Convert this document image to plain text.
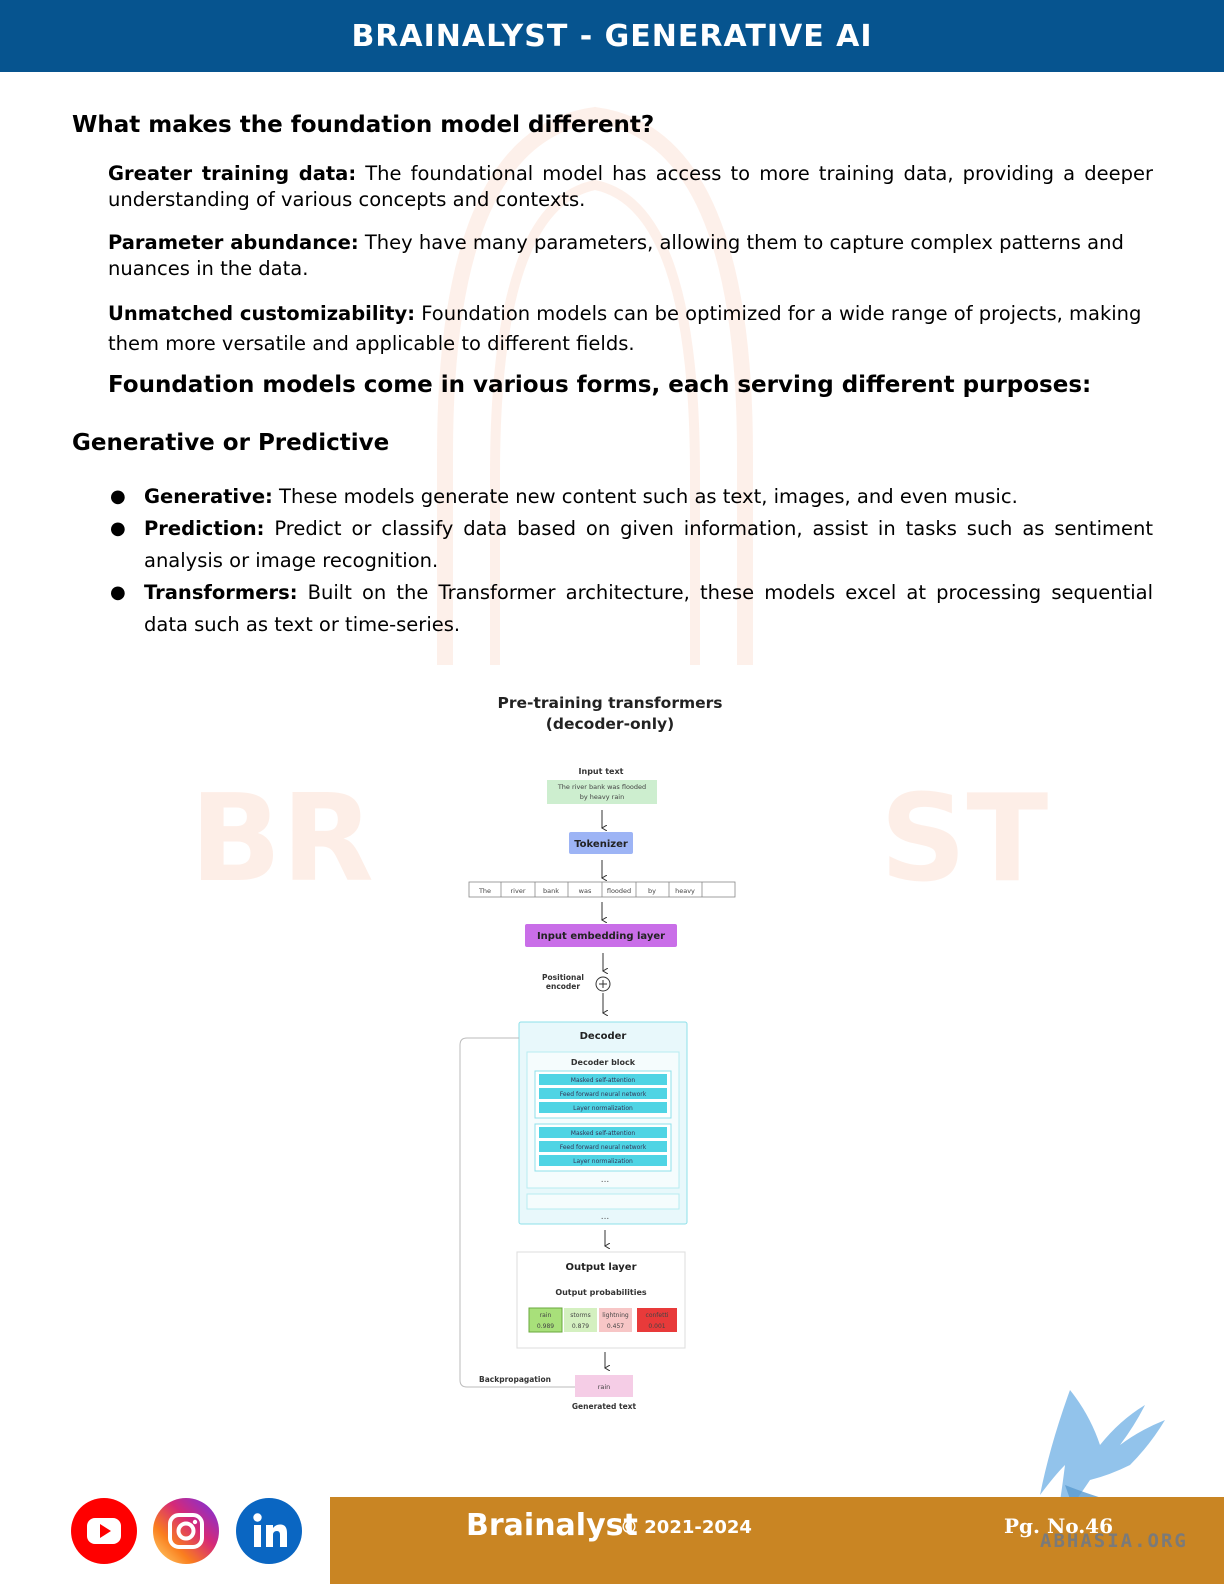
BRAINALYST - GENERATIVE AI
BR	ST
What makes the foundation model different?
Greater training data: The foundational model has access to more training data, providing a deeper understanding of various concepts and contexts.
Parameter abundance: They have many parameters, allowing them to capture complex patterns and nuances in the data.
Unmatched customizability: Foundation models can be optimized for a wide range of projects, making them more versatile and applicable to different fields.
Foundation models come in various forms, each serving different purposes:
Generative or Predictive
● Generative: These models generate new content such as text, images, and even music.
● Prediction: Predict or classify data based on given information, assist in tasks such as sentiment analysis or image recognition.
● Transformers: Built on the Transformer architecture, these models excel at processing sequential data such as text or time-series.
Pre-training transformers
(decoder-only)
Input text
The river bank was flooded
by heavy rain
Tokenizer
The	river	bank	was flooded	by	heavy
Input embedding layer
Positional
encoder
Decoder
Decoder block
Masked self-attention
Feed forward neural network
Layer normalization
Masked self-attention
Feed forward neural network
Layer normalization
...
...
Output layer
Output probabilities
rain
0.989
storms
0.879
lightning
0.457
confetti
0.001
Backpropagation
rain
Generated text
Brainalyst
© 2021-2024	Pg. No.46
ABHASIA.ORG
